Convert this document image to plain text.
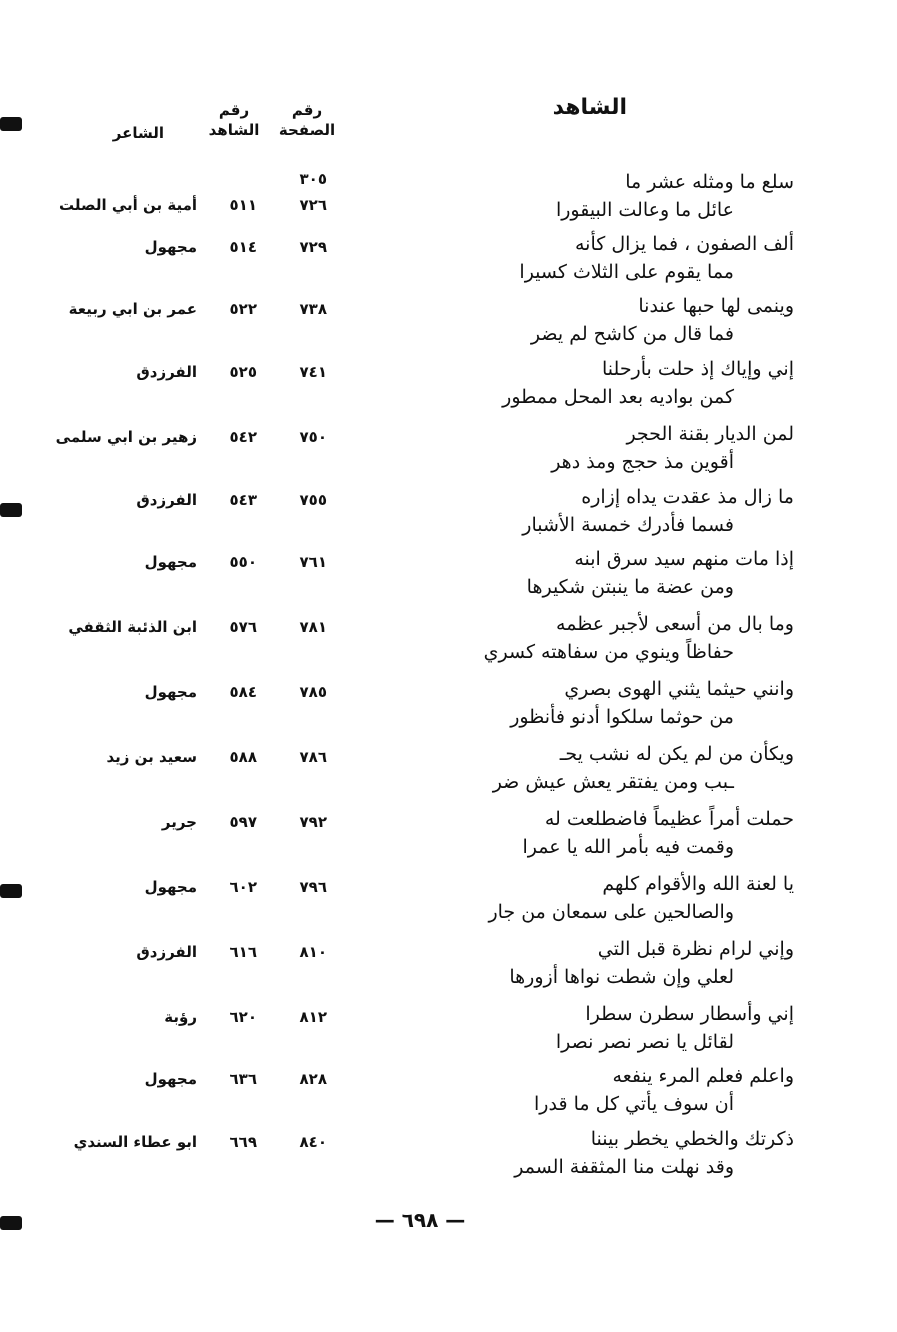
الشاهد
رقم
الصفحة
رقم
الشاهد
الشاعر
٣٠٥	سلع ما ومثله عشر ما
عائل ما وعالت البيقورا
٧٢٦
٥١١
أمية بن أبي الصلت
ألف الصفون ، فما يزال كأنه
مما يقوم على الثلاث كسيرا
٧٢٩
٥١٤
مجهول
وينمى لها حبها عندنا
فما قال من كاشح لم يضر
٧٣٨
٥٢٢
عمر بن ابي ربيعة
إني وإياك إذ حلت بأرحلنا
كمن بواديه بعد المحل ممطور
٧٤١
٥٢٥
الفرزدق
لمن الديار بقنة الحجر
أقوين مذ حجج ومذ دهر
٧٥٠
٥٤٢
زهير بن ابي سلمى
ما زال مذ عقدت يداه إزاره
فسما فأدرك خمسة الأشبار
٧٥٥
٥٤٣
الفرزدق
إذا مات منهم سيد سرق ابنه
ومن عضة ما ينبتن شكيرها
٧٦١
٥٥٠
مجهول
وما بال من أسعى لأجبر عظمه
حفاظاً وينوي من سفاهته كسري
٧٨١
٥٧٦
ابن الذئبة الثقفي
وانني حيثما يثني الهوى بصري
من حوثما سلكوا أدنو فأنظور
٧٨٥
٥٨٤
مجهول
ويكأن من لم يكن له نشب يحـ
ـبب ومن يفتقر يعش عيش ضر
٧٨٦
٥٨٨
سعيد بن زيد
حملت أمراً عظيماً فاضطلعت له
وقمت فيه بأمر الله يا عمرا
٧٩٢
٥٩٧
جرير
يا لعنة الله والأقوام كلهم
والصالحين على سمعان من جار
٧٩٦
٦٠٢
مجهول
وإني لرام نظرة قبل التي
لعلي وإن شطت نواها أزورها
٨١٠
٦١٦
الفرزدق
إني وأسطار سطرن سطرا
لقائل يا نصر نصر نصرا
٨١٢
٦٢٠
رؤبة
واعلم فعلم المرء ينفعه
أن سوف يأتي كل ما قدرا
٨٢٨
٦٣٦
مجهول
ذكرتك والخطي يخطر بيننا
وقد نهلت منا المثقفة السمر
٨٤٠
٦٦٩
ابو عطاء السندي
— ٦٩٨ —
